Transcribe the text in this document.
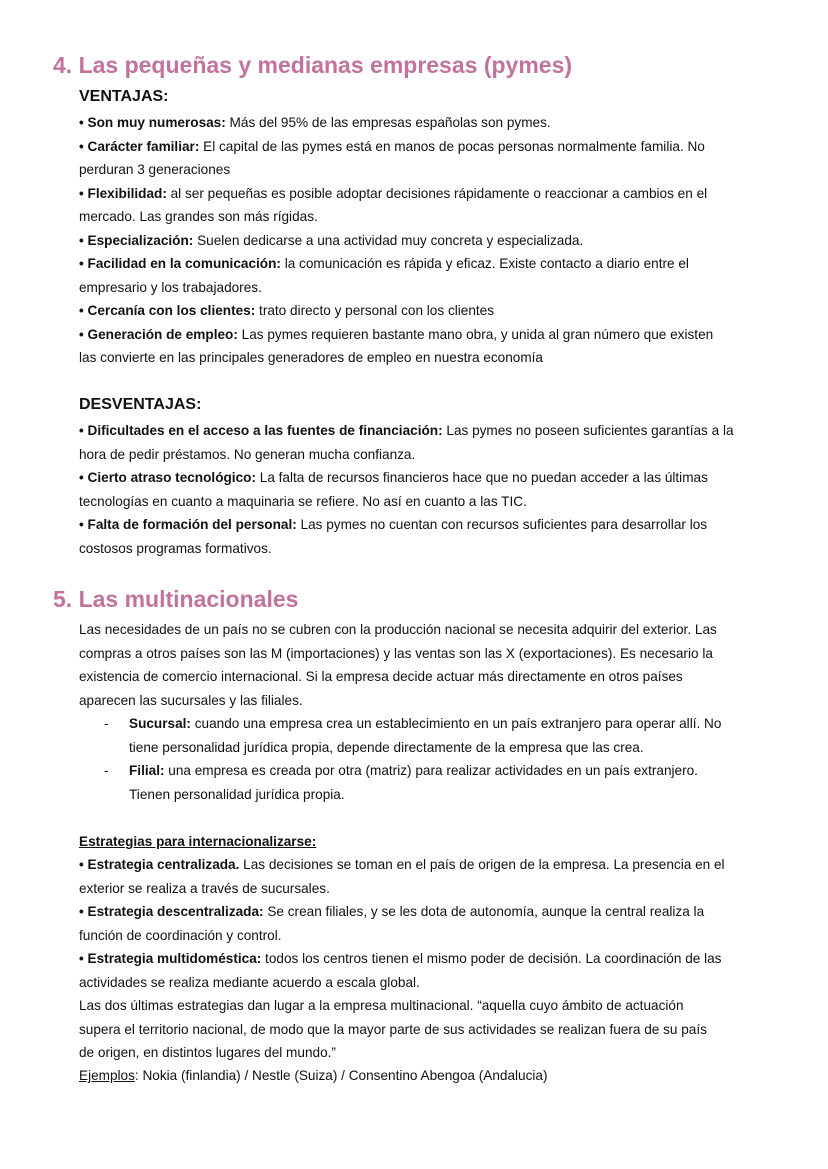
4. Las pequeñas y medianas empresas (pymes)
VENTAJAS:
• Son muy numerosas: Más del 95% de las empresas españolas son pymes.
• Carácter familiar: El capital de las pymes está en manos de pocas personas normalmente familia. No
perduran 3 generaciones
• Flexibilidad: al ser pequeñas es posible adoptar decisiones rápidamente o reaccionar a cambios en el
mercado. Las grandes son más rígidas.
• Especialización: Suelen dedicarse a una actividad muy concreta y especializada.
• Facilidad en la comunicación: la comunicación es rápida y eficaz. Existe contacto a diario entre el
empresario y los trabajadores.
• Cercanía con los clientes: trato directo y personal con los clientes
• Generación de empleo: Las pymes requieren bastante mano obra, y unida al gran número que existen
las convierte en las principales generadores de empleo en nuestra economía
DESVENTAJAS:
• Dificultades en el acceso a las fuentes de financiación: Las pymes no poseen suficientes garantías a la
hora de pedir préstamos. No generan mucha confianza.
• Cierto atraso tecnológico: La falta de recursos financieros hace que no puedan acceder a las últimas
tecnologías en cuanto a maquinaria se refiere. No así en cuanto a las TIC.
• Falta de formación del personal: Las pymes no cuentan con recursos suficientes para desarrollar los
costosos programas formativos.
5. Las multinacionales
Las necesidades de un país no se cubren con la producción nacional se necesita adquirir del exterior. Las
compras a otros países son las M (importaciones) y las ventas son las X (exportaciones). Es necesario la
existencia de comercio internacional. Si la empresa decide actuar más directamente en otros países
aparecen las sucursales y las filiales.
- Sucursal: cuando una empresa crea un establecimiento en un país extranjero para operar allí. No
tiene personalidad jurídica propia, depende directamente de la empresa que las crea.
- Filial: una empresa es creada por otra (matriz) para realizar actividades en un país extranjero.
Tienen personalidad jurídica propia.
Estrategias para internacionalizarse:
• Estrategia centralizada. Las decisiones se toman en el país de origen de la empresa. La presencia en el
exterior se realiza a través de sucursales.
• Estrategia descentralizada: Se crean filiales, y se les dota de autonomía, aunque la central realiza la
función de coordinación y control.
• Estrategia multidoméstica: todos los centros tienen el mismo poder de decisión. La coordinación de las
actividades se realiza mediante acuerdo a escala global.
Las dos últimas estrategias dan lugar a la empresa multinacional. “aquella cuyo ámbito de actuación
supera el territorio nacional, de modo que la mayor parte de sus actividades se realizan fuera de su país
de origen, en distintos lugares del mundo.”
Ejemplos: Nokia (finlandia) / Nestle (Suiza) / Consentino Abengoa (Andalucia)
